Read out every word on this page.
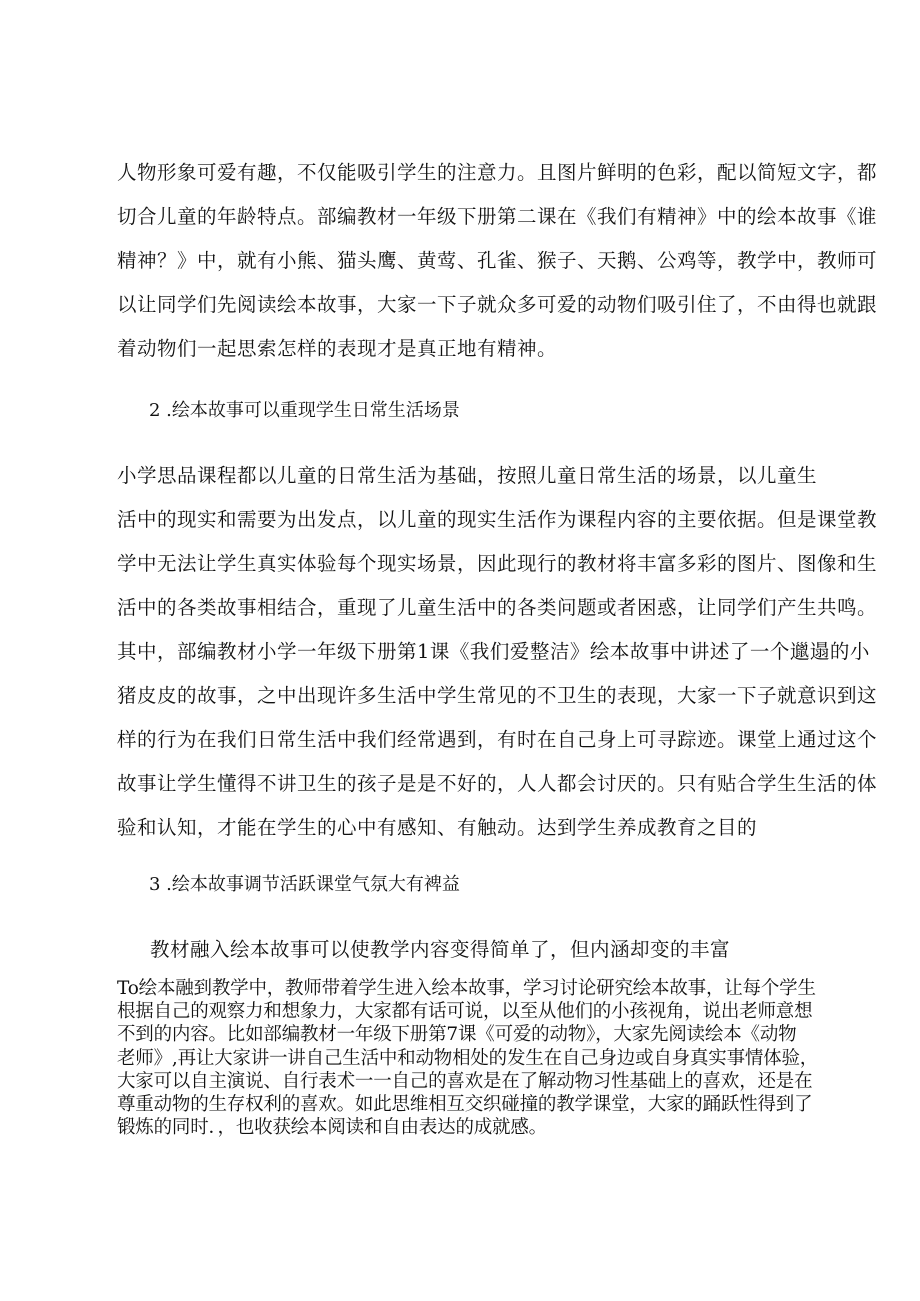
人物形象可爱有趣，不仅能吸引学生的注意力。且图片鲜明的色彩，配以简短文字，都
切合儿童的年龄特点。部编教材一年级下册第二课在《我们有精神》中的绘本故事《谁
精神？》中，就有小熊、猫头鹰、黄莺、孔雀、猴子、天鹅、公鸡等，教学中，教师可
以让同学们先阅读绘本故事，大家一下子就众多可爱的动物们吸引住了，不由得也就跟
着动物们一起思索怎样的表现才是真正地有精神。
2 .绘本故事可以重现学生日常生活场景
小学思品课程都以儿童的日常生活为基础，按照儿童日常生活的场景，以儿童生
活中的现实和需要为出发点，以儿童的现实生活作为课程内容的主要依据。但是课堂教
学中无法让学生真实体验每个现实场景，因此现行的教材将丰富多彩的图片、图像和生
活中的各类故事相结合，重现了儿童生活中的各类问题或者困惑，让同学们产生共鸣。
其中，部编教材小学一年级下册第1课《我们爱整洁》绘本故事中讲述了一个邋遢的小
猪皮皮的故事，之中出现许多生活中学生常见的不卫生的表现，大家一下子就意识到这
样的行为在我们日常生活中我们经常遇到，有时在自己身上可寻踪迹。课堂上通过这个
故事让学生懂得不讲卫生的孩子是是不好的，人人都会讨厌的。只有贴合学生生活的体
验和认知，才能在学生的心中有感知、有触动。达到学生养成教育之目的
3 .绘本故事调节活跃课堂气氛大有裨益
教材融入绘本故事可以使教学内容变得简单了，但内涵却变的丰富
To绘本融到教学中，教师带着学生进入绘本故事，学习讨论研究绘本故事，让每个学生
根据自己的观察力和想象力，大家都有话可说，以至从他们的小孩视角，说出老师意想
不到的内容。比如部编教材一年级下册第7课《可爱的动物》，大家先阅读绘本《动物
老师》,再让大家讲一讲自己生活中和动物相处的发生在自己身边或自身真实事情体验，
大家可以自主演说、自行表术一一自己的喜欢是在了解动物习性基础上的喜欢，还是在
尊重动物的生存权利的喜欢。如此思维相互交织碰撞的教学课堂，大家的踊跃性得到了
锻炼的同时．，也收获绘本阅读和自由表达的成就感。
